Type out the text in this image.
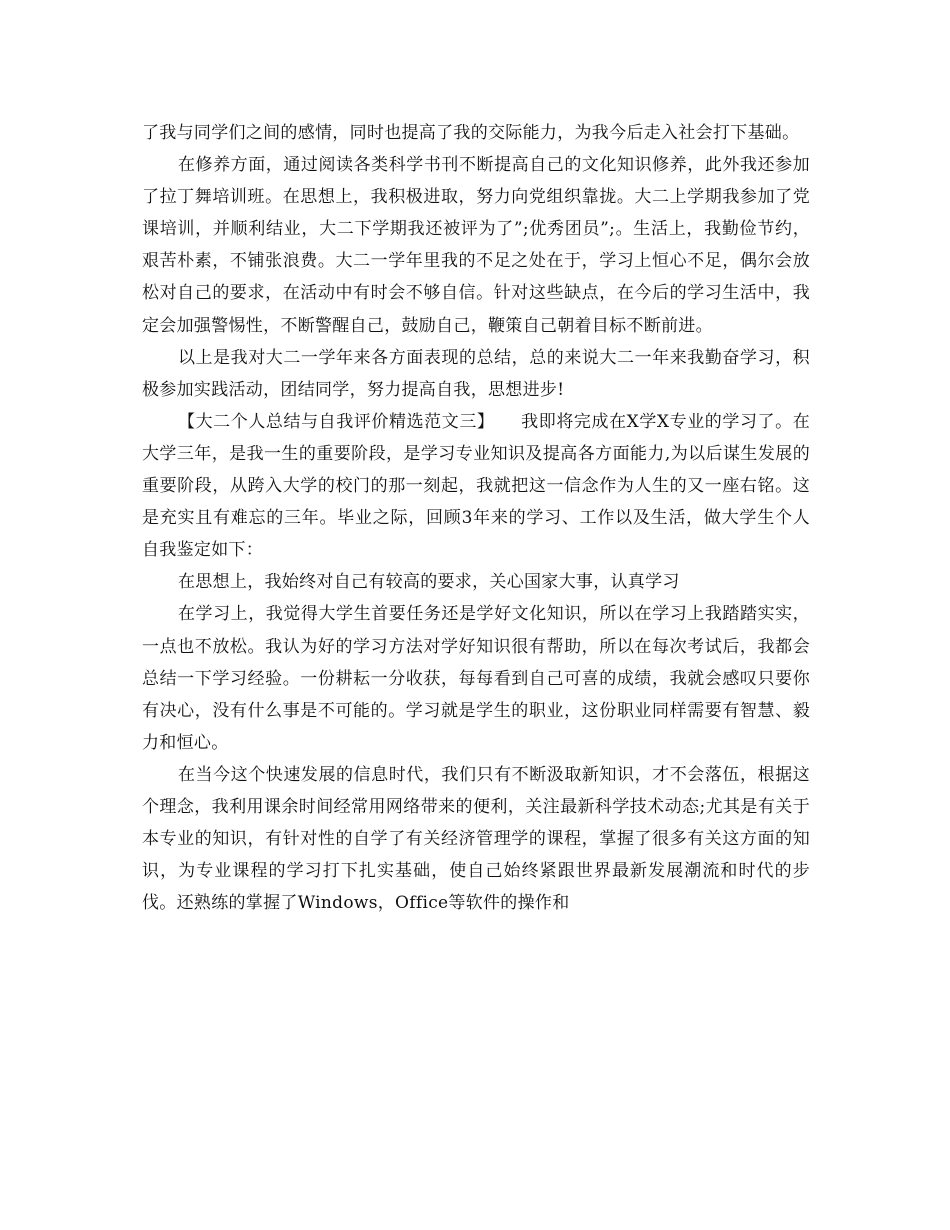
了我与同学们之间的感情，同时也提高了我的交际能力，为我今后走入社会打下基础。

在修养方面，通过阅读各类科学书刊不断提高自己的文化知识修养，此外我还参加了拉丁舞培训班。在思想上，我积极进取，努力向党组织靠拢。大二上学期我参加了党课培训，并顺利结业，大二下学期我还被评为了”;优秀团员”;。生活上，我勤俭节约，艰苦朴素，不铺张浪费。大二一学年里我的不足之处在于，学习上恒心不足，偶尔会放松对自己的要求，在活动中有时会不够自信。针对这些缺点，在今后的学习生活中，我定会加强警惕性，不断警醒自己，鼓励自己，鞭策自己朝着目标不断前进。

以上是我对大二一学年来各方面表现的总结，总的来说大二一年来我勤奋学习，积极参加实践活动，团结同学，努力提高自我，思想进步!

【大二个人总结与自我评价精选范文三】　　我即将完成在X学X专业的学习了。在大学三年，是我一生的重要阶段，是学习专业知识及提高各方面能力,为以后谋生发展的重要阶段，从跨入大学的校门的那一刻起，我就把这一信念作为人生的又一座右铭。这是充实且有难忘的三年。毕业之际，回顾3年来的学习、工作以及生活，做大学生个人自我鉴定如下：

在思想上，我始终对自己有较高的要求，关心国家大事，认真学习

在学习上，我觉得大学生首要任务还是学好文化知识，所以在学习上我踏踏实实，一点也不放松。我认为好的学习方法对学好知识很有帮助，所以在每次考试后，我都会总结一下学习经验。一份耕耘一分收获，每每看到自己可喜的成绩，我就会感叹只要你有决心，没有什么事是不可能的。学习就是学生的职业，这份职业同样需要有智慧、毅力和恒心。

在当今这个快速发展的信息时代，我们只有不断汲取新知识，才不会落伍，根据这个理念，我利用课余时间经常用网络带来的便利，关注最新科学技术动态;尤其是有关于本专业的知识，有针对性的自学了有关经济管理学的课程，掌握了很多有关这方面的知识，为专业课程的学习打下扎实基础，使自己始终紧跟世界最新发展潮流和时代的步伐。还熟练的掌握了Windows，Office等软件的操作和
